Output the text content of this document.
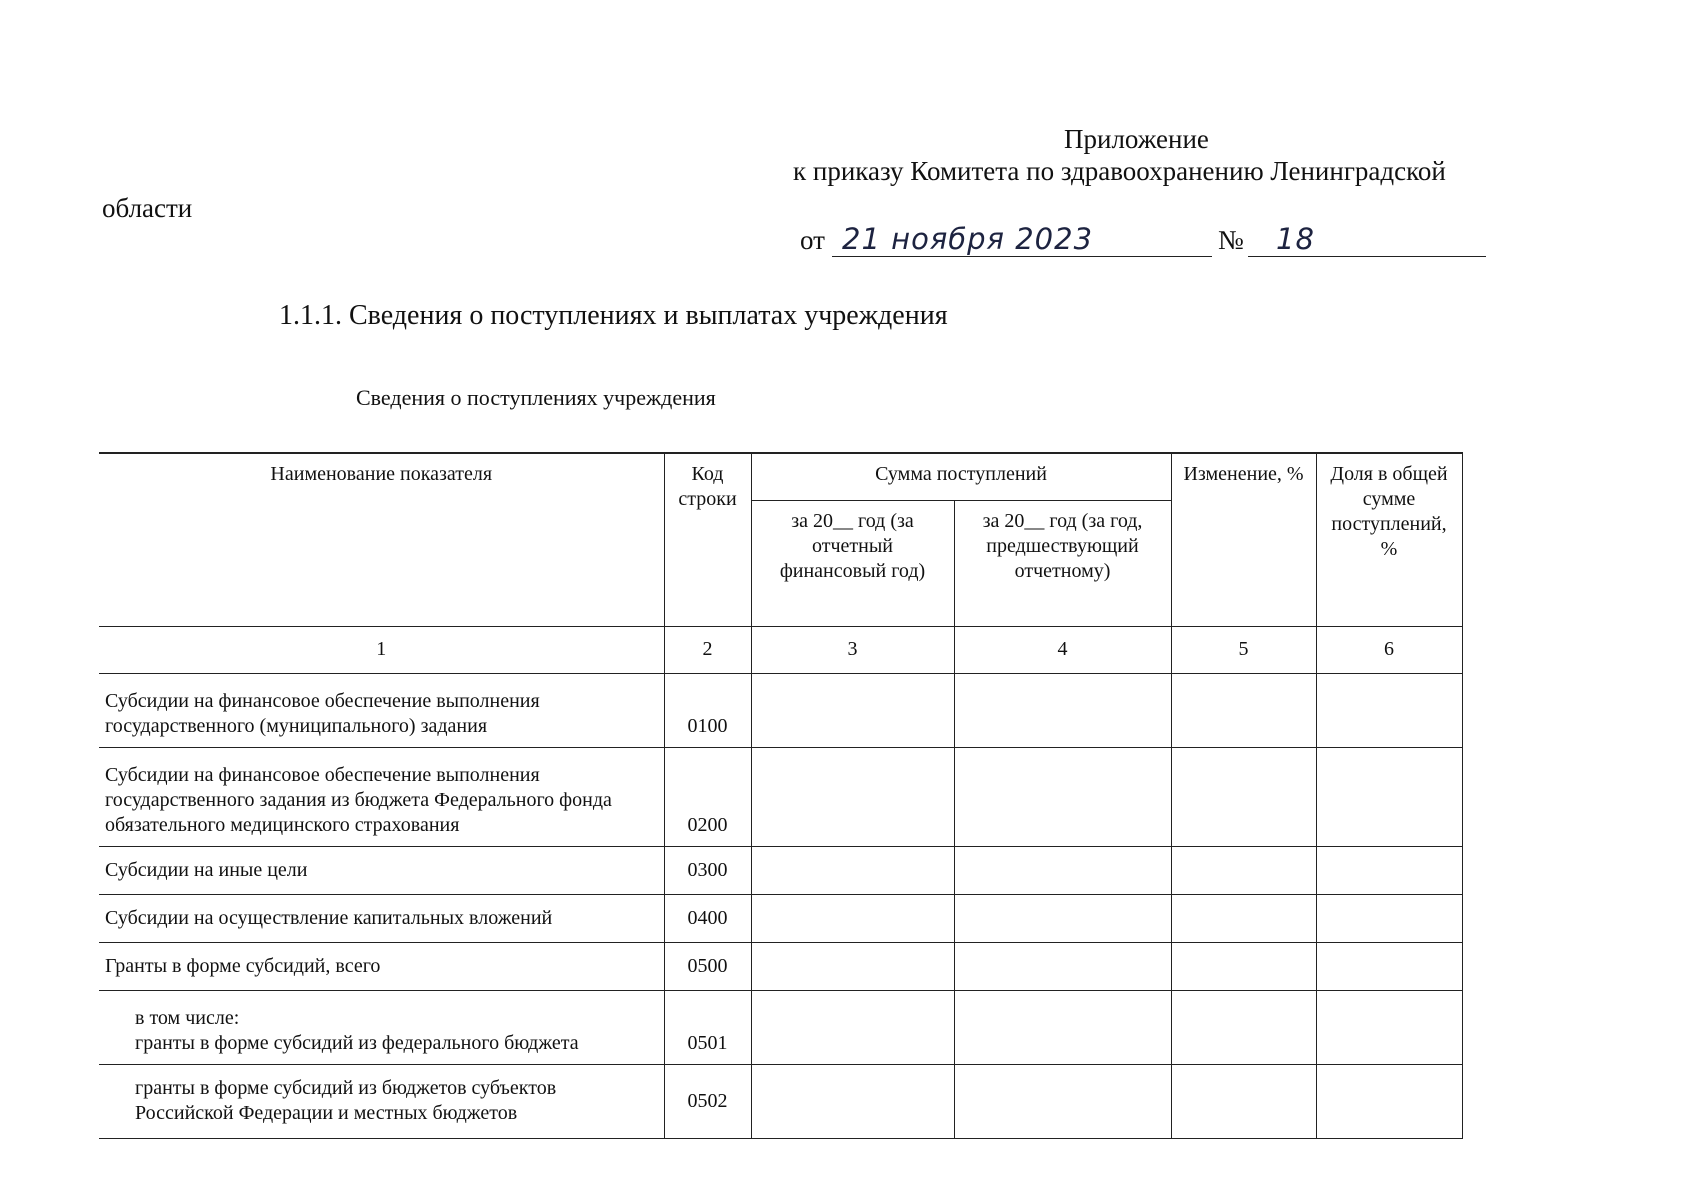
Приложение
к приказу Комитета по здравоохранению Ленинградской
области
от 21 ноября 2023	№ 18
1.1.1. Сведения о поступлениях и выплатах учреждения
Сведения о поступлениях учреждения
Наименование показателя	Код строки	Сумма поступлений		Изменение, %	Доля в общей сумме поступлений, %
		за 20__ год (за отчетный финансовый год)	за 20__ год (за год, предшествующий отчетному)		
1	2	3	4	5	6
Субсидии на финансовое обеспечение выполнения государственного (муниципального) задания	0100				
Субсидии на финансовое обеспечение выполнения государственного задания из бюджета Федерального фонда обязательного медицинского страхования	0200				
Субсидии на иные цели	0300				
Субсидии на осуществление капитальных вложений	0400				
Гранты в форме субсидий, всего	0500				

в том числе:
гранты в форме субсидий из федерального бюджета	0501				
гранты в форме субсидий из бюджетов субъектов Российской Федерации и местных бюджетов	0502				
